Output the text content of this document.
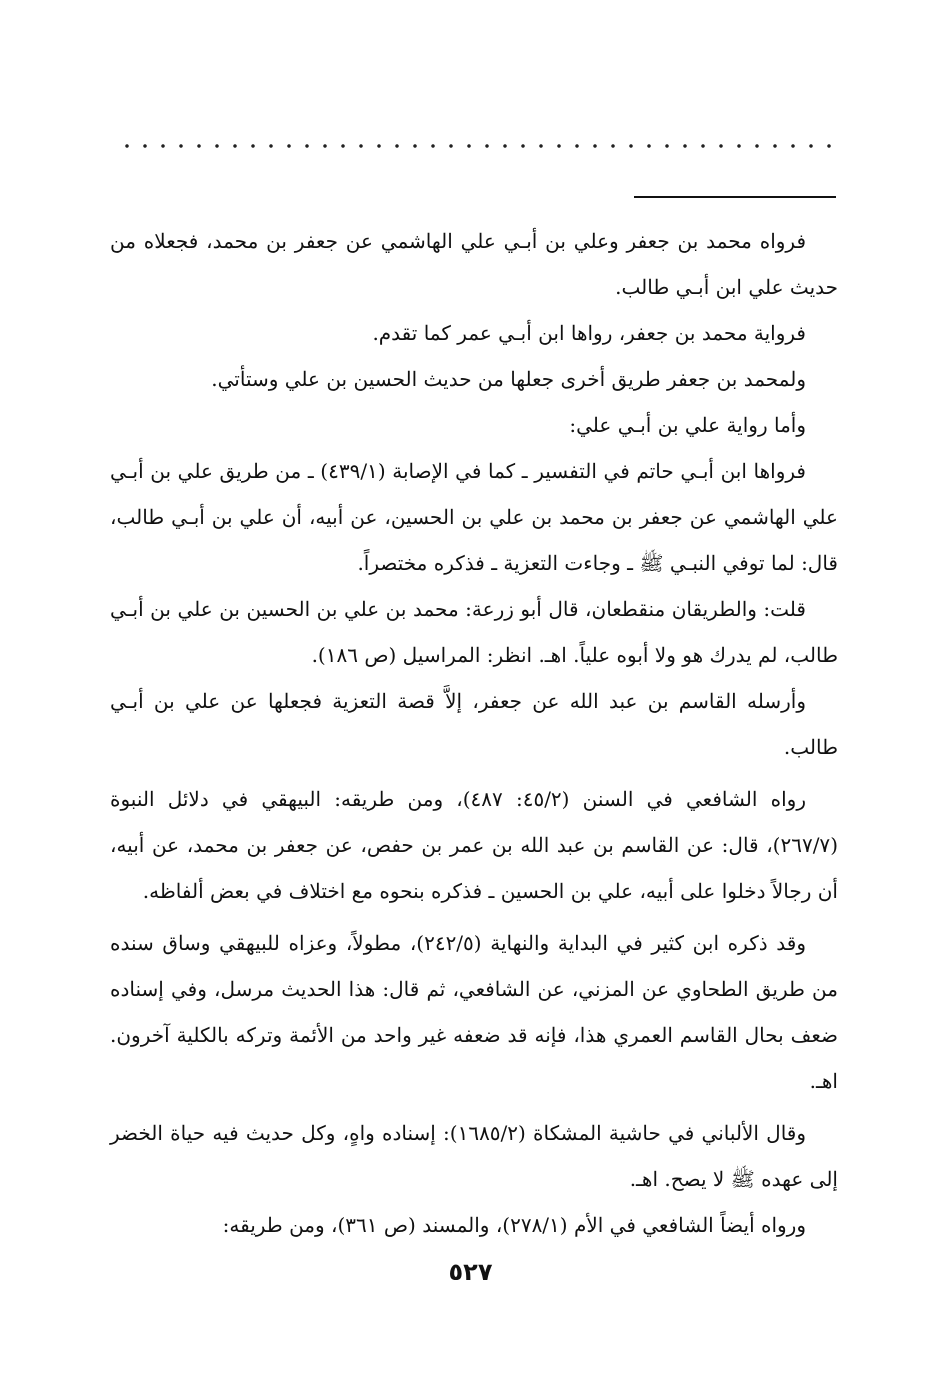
فرواه محمد بن جعفر وعلي بن أبـي علي الهاشمي عن جعفر بن محمد، فجعلاه من حديث علي ابن أبـي طالب.

فرواية محمد بن جعفر، رواها ابن أبـي عمر كما تقدم.

ولمحمد بن جعفر طريق أخرى جعلها من حديث الحسين بن علي وستأتي.

وأما رواية علي بن أبـي علي:

فرواها ابن أبـي حاتم في التفسير ـ كما في الإصابة (٤٣٩/١) ـ من طريق علي بن أبـي علي الهاشمي عن جعفر بن محمد بن علي بن الحسين، عن أبيه، أن علي بن أبـي طالب، قال: لما توفي النبـي ﷺ ـ وجاءت التعزية ـ فذكره مختصراً.

قلت: والطريقان منقطعان، قال أبو زرعة: محمد بن علي بن الحسين بن علي بن أبـي طالب، لم يدرك هو ولا أبوه علياً. اهـ. انظر: المراسيل (ص ١٨٦).

وأرسله القاسم بن عبد الله عن جعفر، إلاَّ قصة التعزية فجعلها عن علي بن أبـي طالب.

رواه الشافعي في السنن (٤٥/٢: ٤٨٧)، ومن طريقه: البيهقي في دلائل النبوة (٢٦٧/٧)، قال: عن القاسم بن عبد الله بن عمر بن حفص، عن جعفر بن محمد، عن أبيه، أن رجالاً دخلوا على أبيه، علي بن الحسين ـ فذكره بنحوه مع اختلاف في بعض ألفاظه.

وقد ذكره ابن كثير في البداية والنهاية (٢٤٢/٥)، مطولاً، وعزاه للبيهقي وساق سنده من طريق الطحاوي عن المزني، عن الشافعي، ثم قال: هذا الحديث مرسل، وفي إسناده ضعف بحال القاسم العمري هذا، فإنه قد ضعفه غير واحد من الأئمة وتركه بالكلية آخرون. اهـ.

وقال الألباني في حاشية المشكاة (١٦٨٥/٢): إسناده واهٍ، وكل حديث فيه حياة الخضر إلى عهده ﷺ لا يصح. اهـ.

ورواه أيضاً الشافعي في الأم (٢٧٨/١)، والمسند (ص ٣٦١)، ومن طريقه:

٥٢٧
